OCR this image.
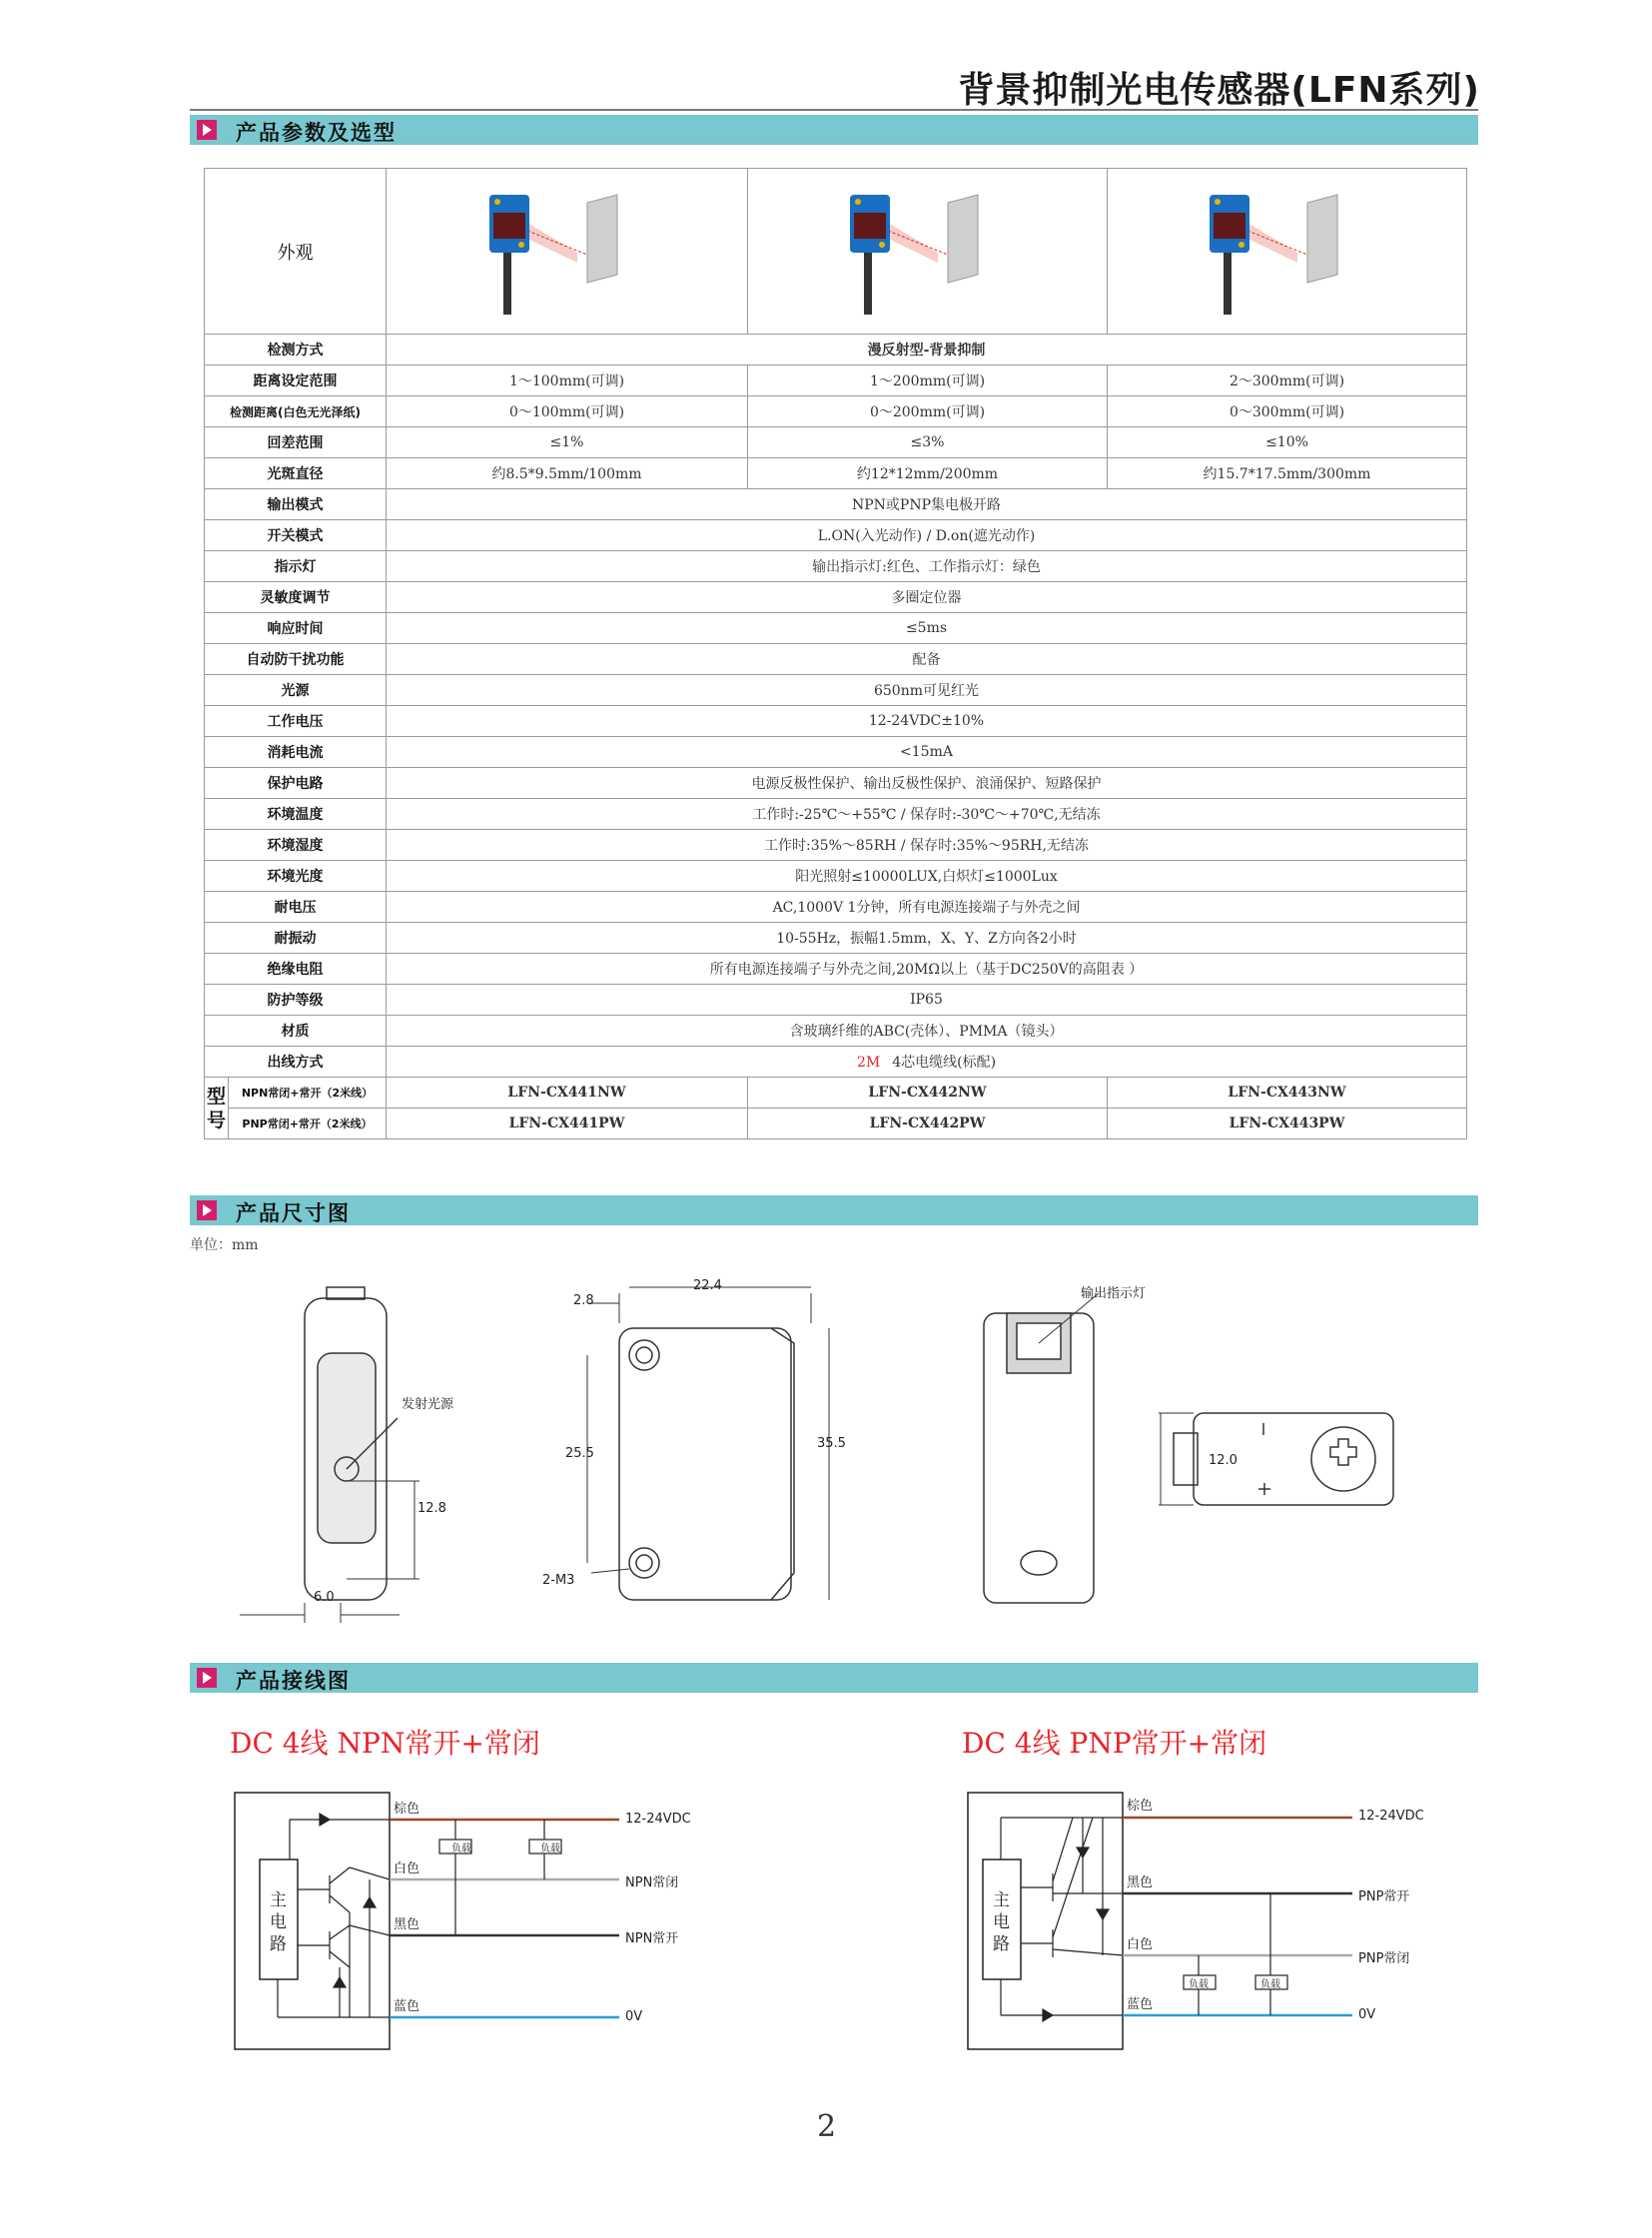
背景抑制光电传感器(LFN系列)
产品参数及选型
外观			
检测方式		漫反射型-背景抑制		
距离设定范围		1～100mm(可调)	1～200mm(可调)	2～300mm(可调)
检测距离(白色无光泽纸)		0～100mm(可调)	0～200mm(可调)	0～300mm(可调)
回差范围		≤1%	≤3%	≤10%
光斑直径		约8.5*9.5mm/100mm	约12*12mm/200mm	约15.7*17.5mm/300mm
输出模式		NPN或PNP集电极开路		
开关模式		L.ON(入光动作) / D.on(遮光动作)		
指示灯		输出指示灯:红色、工作指示灯：绿色		
灵敏度调节		多圈定位器		
响应时间		≤5ms		
自动防干扰功能		配备		
光源		650nm可见红光		
工作电压		12-24VDC±10%		
消耗电流		<15mA		
保护电路		电源反极性保护、输出反极性保护、浪涌保护、短路保护		
环境温度		工作时:-25℃～+55℃ / 保存时:-30℃～+70℃,无结冻		
环境湿度		工作时:35%～85RH / 保存时:35%～95RH,无结冻		
环境光度		阳光照射≤10000LUX,白炽灯≤1000Lux		
耐电压		AC,1000V 1分钟，所有电源连接端子与外壳之间		
耐振动		10-55Hz，振幅1.5mm，X、Y、Z方向各2小时		
绝缘电阻		所有电源连接端子与外壳之间,20MΩ以上（基于DC250V的高阻表 ）		
防护等级		IP65		
材质		含玻璃纤维的ABC(壳体）、PMMA（镜头）		
出线方式		2M 4芯电缆线(标配)		
型号	NPN常闭+常开（2米线）	LFN-CX441NW	LFN-CX442NW	LFN-CX443NW
	PNP常闭+常开（2米线）	LFN-CX441PW	LFN-CX442PW	LFN-CX443PW
产品尺寸图
单位：mm
发射光源
12.8
6.0
2.8
22.4
25.5
35.5
2-M3
输出指示灯
12.0
产品接线图
DC 4线 NPN常开+常闭	DC 4线 PNP常开+常闭
棕色
白色
黑色
蓝色
12-24VDC
NPN常闭
NPN常开
0V
负载	负载
主电路
棕色
黑色
白色
蓝色
12-24VDC
PNP常开
PNP常闭
0V
负载	负载
主电路
2
